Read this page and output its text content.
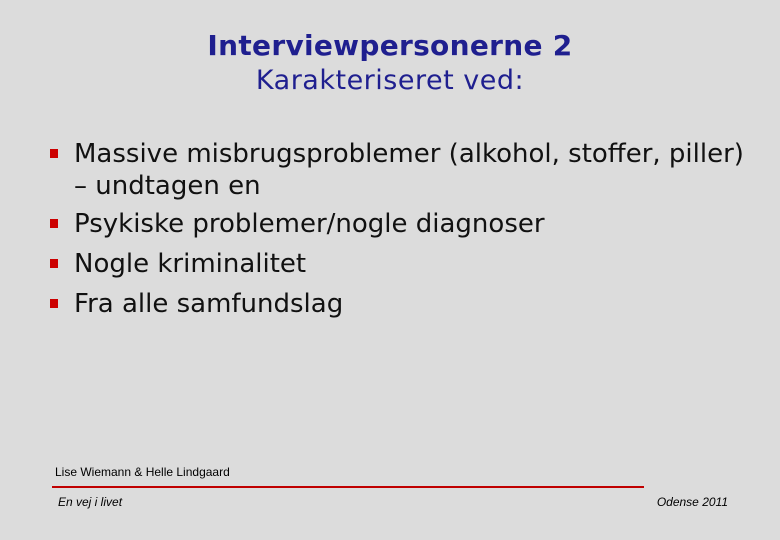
Interviewpersonerne 2
Karakteriseret ved:
Massive misbrugsproblemer (alkohol, stoffer, piller) – undtagen en
Psykiske problemer/nogle diagnoser
Nogle kriminalitet
Fra alle samfundslag
Lise Wiemann & Helle Lindgaard
En vej i livet	Odense 2011
